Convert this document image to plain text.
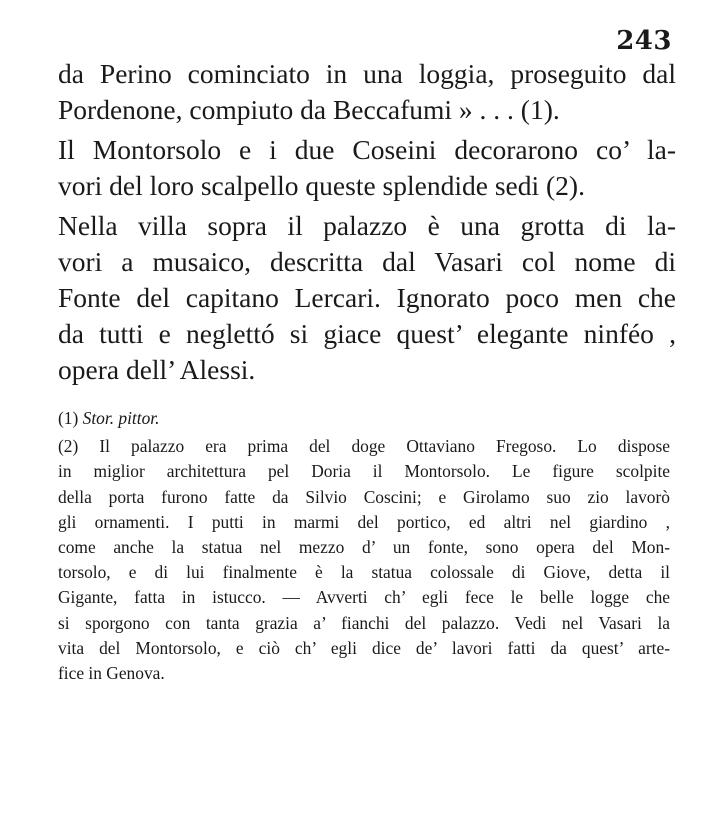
243
da Perino cominciato in una loggia, proseguito dal
Pordenone, compiuto da Beccafumi » . . . (1).
Il Montorsolo e i due Coseini decorarono co’ la-
vori del loro scalpello queste splendide sedi (2).
Nella villa sopra il palazzo è una grotta di la-
vori a musaico, descritta dal Vasari col nome di
Fonte del capitano Lercari. Ignorato poco men che
da tutti e neglettó si giace quest’ elegante ninféo ,
opera dell’ Alessi.
(1) Stor. pittor.
(2) Il palazzo era prima del doge Ottaviano Fregoso. Lo dispose
in miglior architettura pel Doria il Montorsolo. Le figure scolpite
della porta furono fatte da Silvio Coscini; e Girolamo suo zio lavorò
gli ornamenti. I putti in marmi del portico, ed altri nel giardino ,
come anche la statua nel mezzo d’ un fonte, sono opera del Mon-
torsolo, e di lui finalmente è la statua colossale di Giove, detta il
Gigante, fatta in istucco. — Avverti ch’ egli fece le belle logge che
si sporgono con tanta grazia a’ fianchi del palazzo. Vedi nel Vasari la
vita del Montorsolo, e ciò ch’ egli dice de’ lavori fatti da quest’ arte-
fice in Genova.
